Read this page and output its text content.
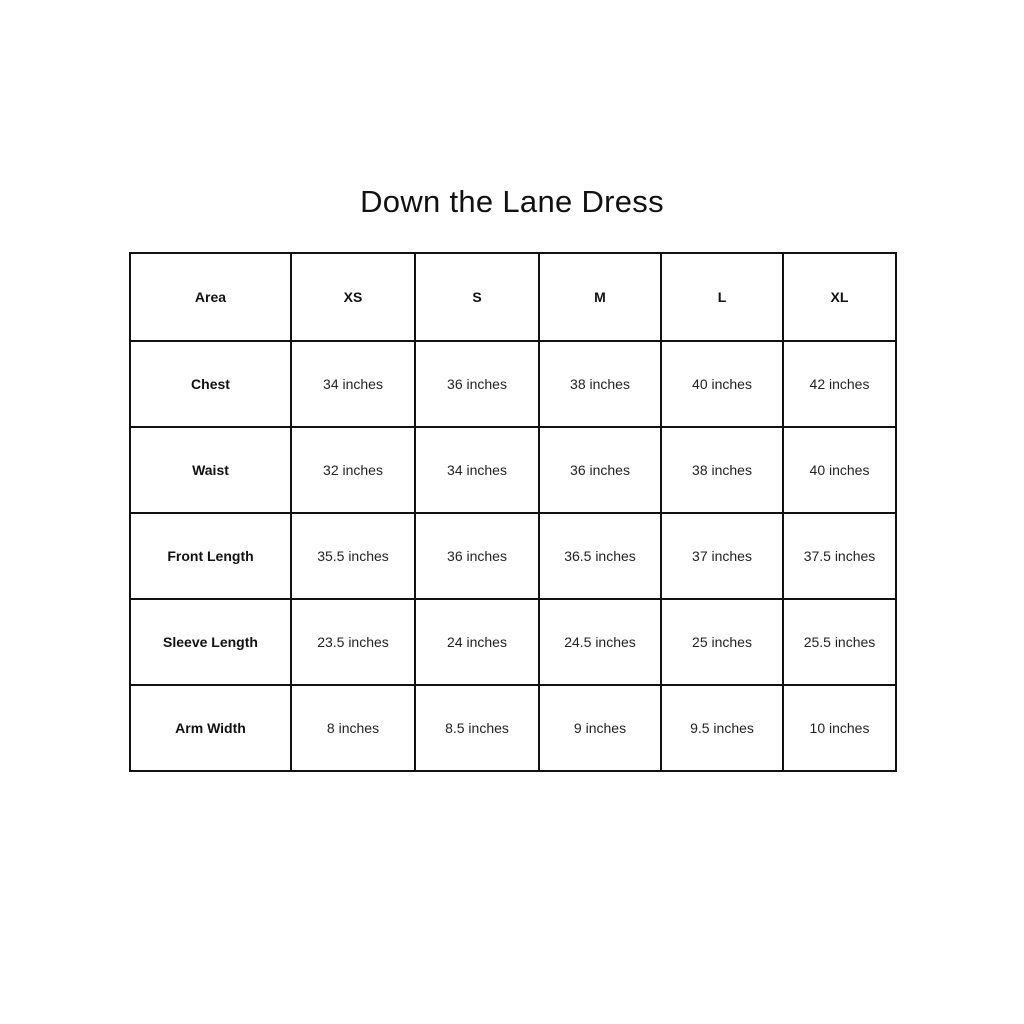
Down the Lane Dress
Area	XS	S	M	L	XL
Chest	34 inches	36 inches	38 inches	40 inches	42 inches
Waist	32 inches	34 inches	36 inches	38 inches	40 inches
Front Length	35.5 inches	36 inches	36.5 inches	37 inches	37.5 inches
Sleeve Length	23.5 inches	24 inches	24.5 inches	25 inches	25.5 inches
Arm Width	8 inches	8.5 inches	9 inches	9.5 inches	10 inches
